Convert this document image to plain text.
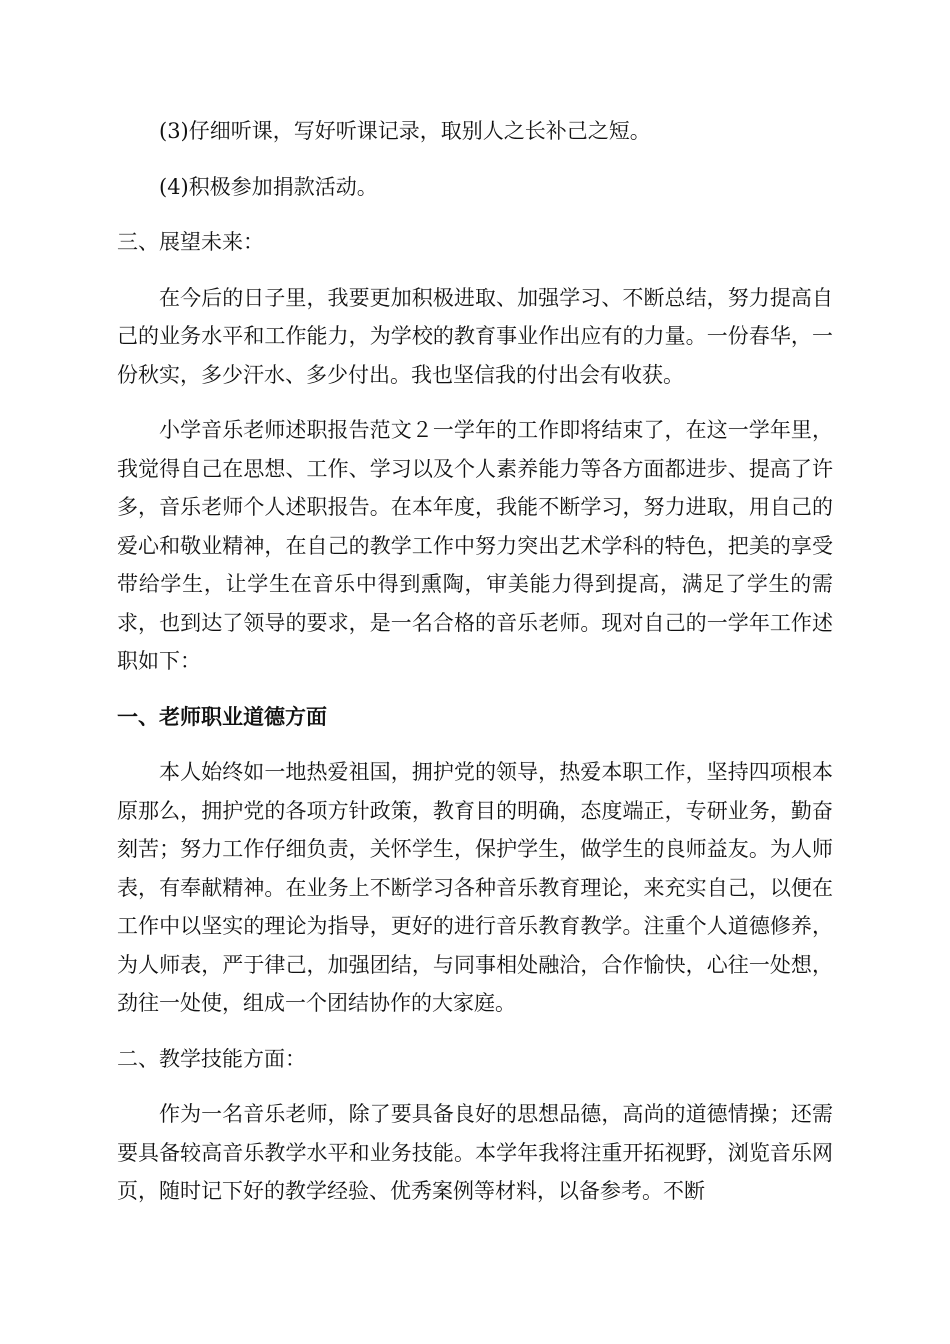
(3)仔细听课，写好听课记录，取别人之长补己之短。

(4)积极参加捐款活动。

三、展望未来：

在今后的日子里，我要更加积极进取、加强学习、不断总结，努力提高自己的业务水平和工作能力，为学校的教育事业作出应有的力量。一份春华，一份秋实，多少汗水、多少付出。我也坚信我的付出会有收获。

小学音乐老师述职报告范文２一学年的工作即将结束了，在这一学年里，我觉得自己在思想、工作、学习以及个人素养能力等各方面都进步、提高了许多，音乐老师个人述职报告。在本年度，我能不断学习，努力进取，用自己的爱心和敬业精神，在自己的教学工作中努力突出艺术学科的特色，把美的享受带给学生，让学生在音乐中得到熏陶，审美能力得到提高，满足了学生的需求，也到达了领导的要求，是一名合格的音乐老师。现对自己的一学年工作述职如下：

一、老师职业道德方面

本人始终如一地热爱祖国，拥护党的领导，热爱本职工作，坚持四项根本原那么，拥护党的各项方针政策，教育目的明确，态度端正，专研业务，勤奋刻苦；努力工作仔细负责，关怀学生，保护学生，做学生的良师益友。为人师表，有奉献精神。在业务上不断学习各种音乐教育理论，来充实自己，以便在工作中以坚实的理论为指导，更好的进行音乐教育教学。注重个人道德修养，为人师表，严于律己，加强团结，与同事相处融洽，合作愉快，心往一处想，劲往一处使，组成一个团结协作的大家庭。

二、教学技能方面：

作为一名音乐老师，除了要具备良好的思想品德，高尚的道德情操；还需要具备较高音乐教学水平和业务技能。本学年我将注重开拓视野，浏览音乐网页，随时记下好的教学经验、优秀案例等材料，以备参考。不断
